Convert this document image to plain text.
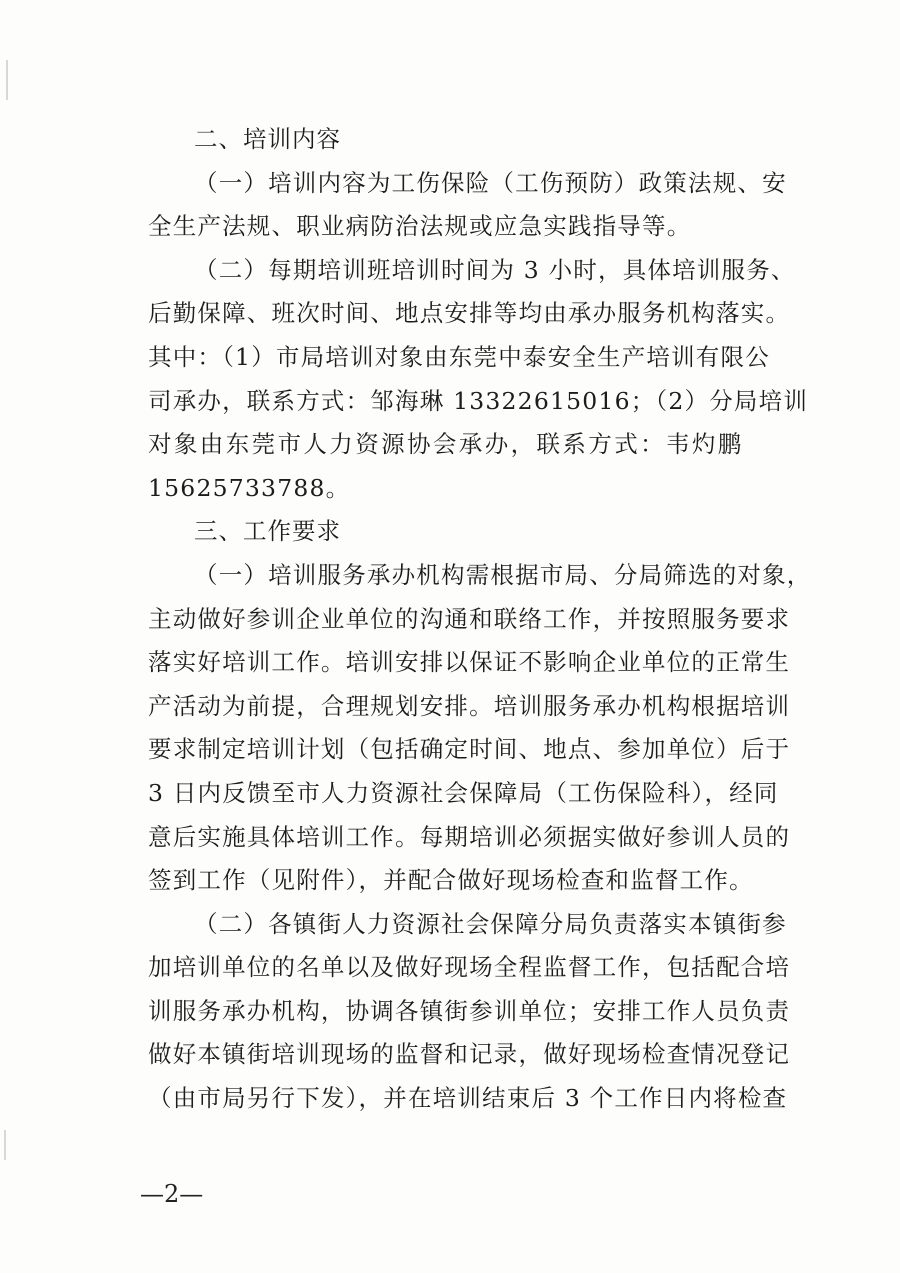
二、培训内容
（一）培训内容为工伤保险（工伤预防）政策法规、安
全生产法规、职业病防治法规或应急实践指导等。
（二）每期培训班培训时间为 3 小时，具体培训服务、
后勤保障、班次时间、地点安排等均由承办服务机构落实。
其中：（1）市局培训对象由东莞中泰安全生产培训有限公
司承办，联系方式：邹海琳 13322615016；（2）分局培训
对象由东莞市人力资源协会承办，联系方式：韦灼鹏
15625733788。
三、工作要求
（一）培训服务承办机构需根据市局、分局筛选的对象，
主动做好参训企业单位的沟通和联络工作，并按照服务要求
落实好培训工作。培训安排以保证不影响企业单位的正常生
产活动为前提，合理规划安排。培训服务承办机构根据培训
要求制定培训计划（包括确定时间、地点、参加单位）后于
3 日内反馈至市人力资源社会保障局（工伤保险科），经同
意后实施具体培训工作。每期培训必须据实做好参训人员的
签到工作（见附件），并配合做好现场检查和监督工作。
（二）各镇街人力资源社会保障分局负责落实本镇街参
加培训单位的名单以及做好现场全程监督工作，包括配合培
训服务承办机构，协调各镇街参训单位；安排工作人员负责
做好本镇街培训现场的监督和记录，做好现场检查情况登记
（由市局另行下发），并在培训结束后 3 个工作日内将检查
—2—
